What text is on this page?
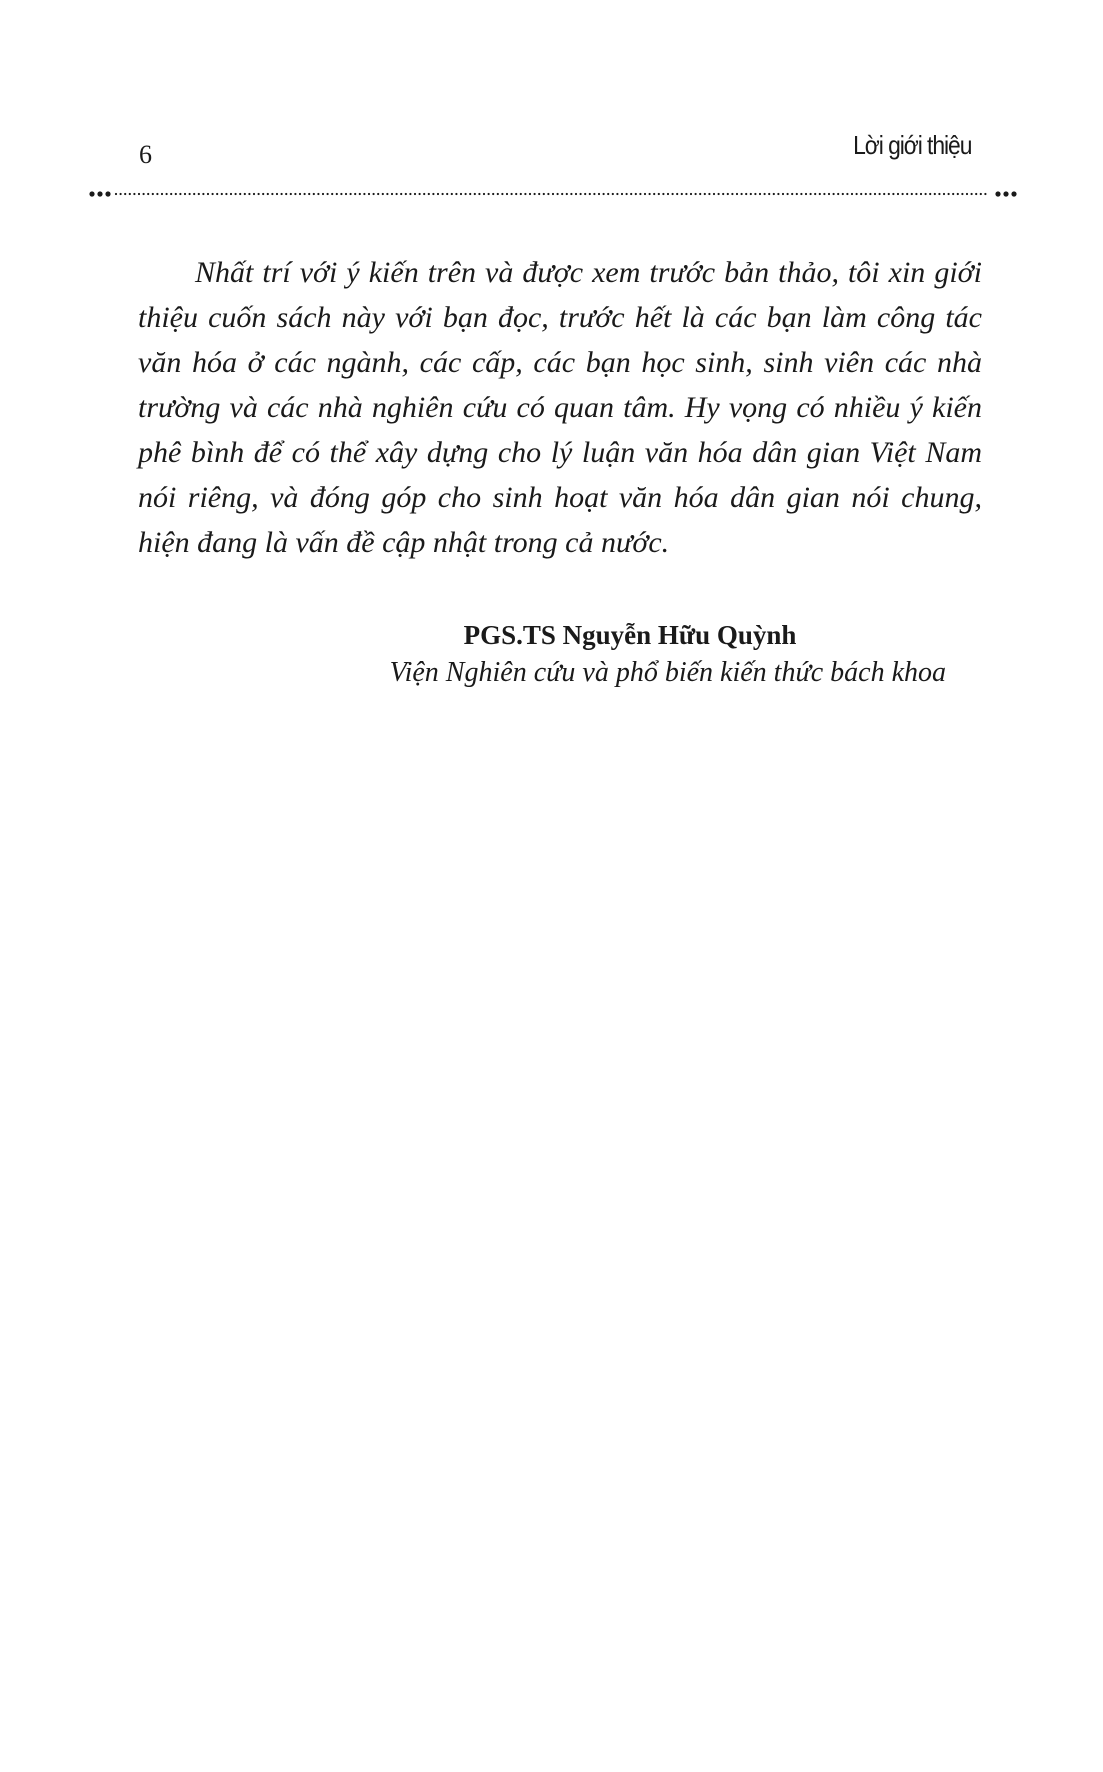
6	Lời giới thiệu

Nhất trí với ý kiến trên và được xem trước bản thảo, tôi xin giới thiệu cuốn sách này với bạn đọc, trước hết là các bạn làm công tác văn hóa ở các ngành, các cấp, các bạn học sinh, sinh viên các nhà trường và các nhà nghiên cứu có quan tâm. Hy vọng có nhiều ý kiến phê bình để có thể xây dựng cho lý luận văn hóa dân gian Việt Nam nói riêng, và đóng góp cho sinh hoạt văn hóa dân gian nói chung, hiện đang là vấn đề cập nhật trong cả nước.

PGS.TS Nguyễn Hữu Quỳnh
Viện Nghiên cứu và phổ biến kiến thức bách khoa
